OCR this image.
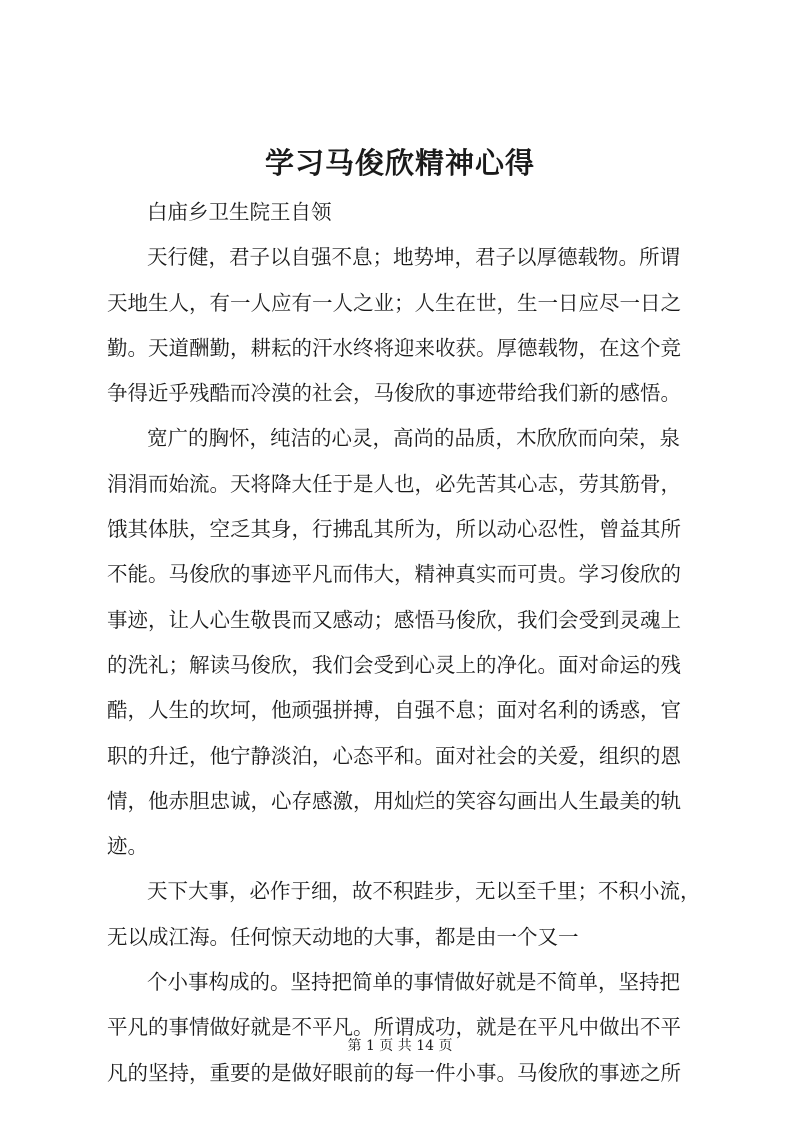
学习马俊欣精神心得
白庙乡卫生院王自领
天行健，君子以自强不息；地势坤，君子以厚德载物。所谓
天地生人，有一人应有一人之业；人生在世，生一日应尽一日之
勤。天道酬勤，耕耘的汗水终将迎来收获。厚德载物，在这个竞
争得近乎残酷而冷漠的社会，马俊欣的事迹带给我们新的感悟。
宽广的胸怀，纯洁的心灵，高尚的品质，木欣欣而向荣，泉
涓涓而始流。天将降大任于是人也，必先苦其心志，劳其筋骨，
饿其体肤，空乏其身，行拂乱其所为，所以动心忍性，曾益其所
不能。马俊欣的事迹平凡而伟大，精神真实而可贵。学习俊欣的
事迹，让人心生敬畏而又感动；感悟马俊欣，我们会受到灵魂上
的洗礼；解读马俊欣，我们会受到心灵上的净化。面对命运的残
酷，人生的坎坷，他顽强拼搏，自强不息；面对名利的诱惑，官
职的升迁，他宁静淡泊，心态平和。面对社会的关爱，组织的恩
情，他赤胆忠诚，心存感激，用灿烂的笑容勾画出人生最美的轨
迹。
天下大事，必作于细，故不积跬步，无以至千里；不积小流，
无以成江海。任何惊天动地的大事，都是由一个又一
个小事构成的。坚持把简单的事情做好就是不简单，坚持把
平凡的事情做好就是不平凡。所谓成功，就是在平凡中做出不平
凡的坚持，重要的是做好眼前的每一件小事。马俊欣的事迹之所
第 1 页 共 14 页
